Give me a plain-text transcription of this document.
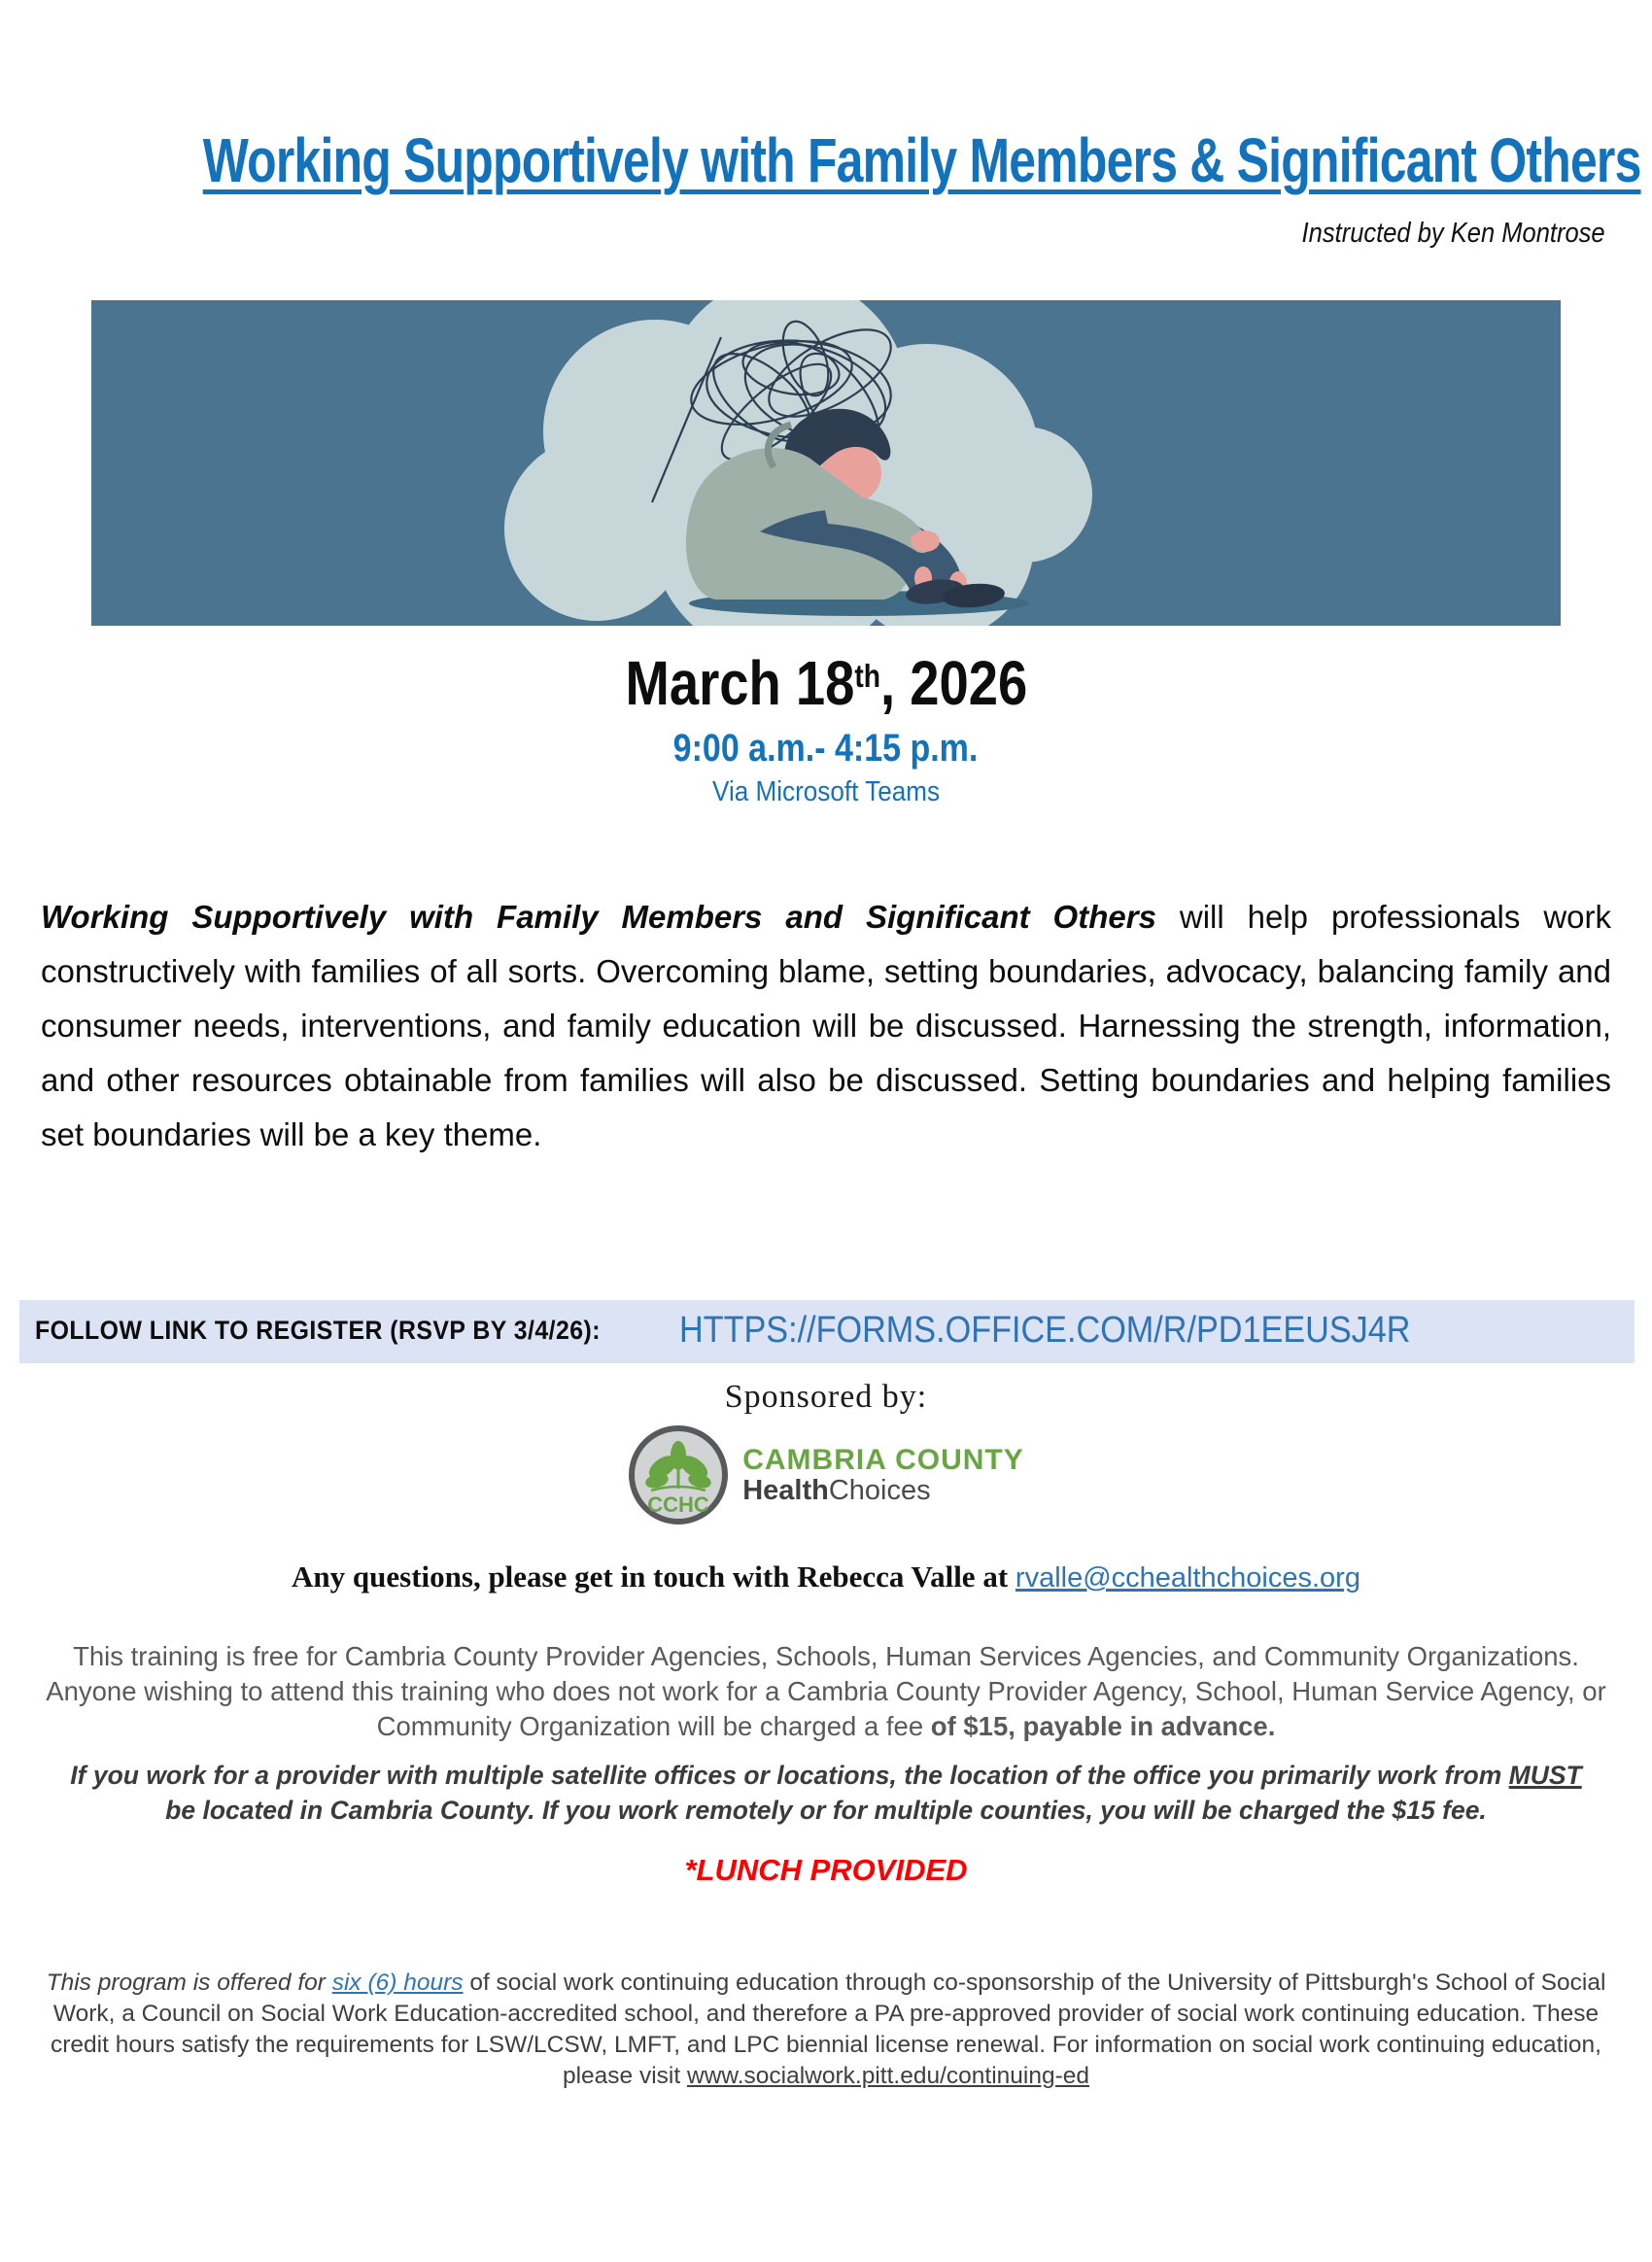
Working Supportively with Family Members & Significant Others
Instructed by Ken Montrose
March 18th, 2026
9:00 a.m.- 4:15 p.m.
Via Microsoft Teams
Working Supportively with Family Members and Significant Others will help professionals work constructively with families of all sorts. Overcoming blame, setting boundaries, advocacy, balancing family and consumer needs, interventions, and family education will be discussed. Harnessing the strength, information, and other resources obtainable from families will also be discussed. Setting boundaries and helping families set boundaries will be a key theme.
FOLLOW LINK TO REGISTER (RSVP BY 3/4/26):	HTTPS://FORMS.OFFICE.COM/R/PD1EEUSJ4R
Sponsored by:
CCHC
CAMBRIA COUNTY
HealthChoices
Any questions, please get in touch with Rebecca Valle at rvalle@cchealthchoices.org
This training is free for Cambria County Provider Agencies, Schools, Human Services Agencies, and Community Organizations. Anyone wishing to attend this training who does not work for a Cambria County Provider Agency, School, Human Service Agency, or Community Organization will be charged a fee of $15, payable in advance.
If you work for a provider with multiple satellite offices or locations, the location of the office you primarily work from MUST be located in Cambria County. If you work remotely or for multiple counties, you will be charged the $15 fee.
*LUNCH PROVIDED
This program is offered for six (6) hours of social work continuing education through co-sponsorship of the University of Pittsburgh's School of Social Work, a Council on Social Work Education-accredited school, and therefore a PA pre-approved provider of social work continuing education. These credit hours satisfy the requirements for LSW/LCSW, LMFT, and LPC biennial license renewal. For information on social work continuing education, please visit www.socialwork.pitt.edu/continuing-ed
